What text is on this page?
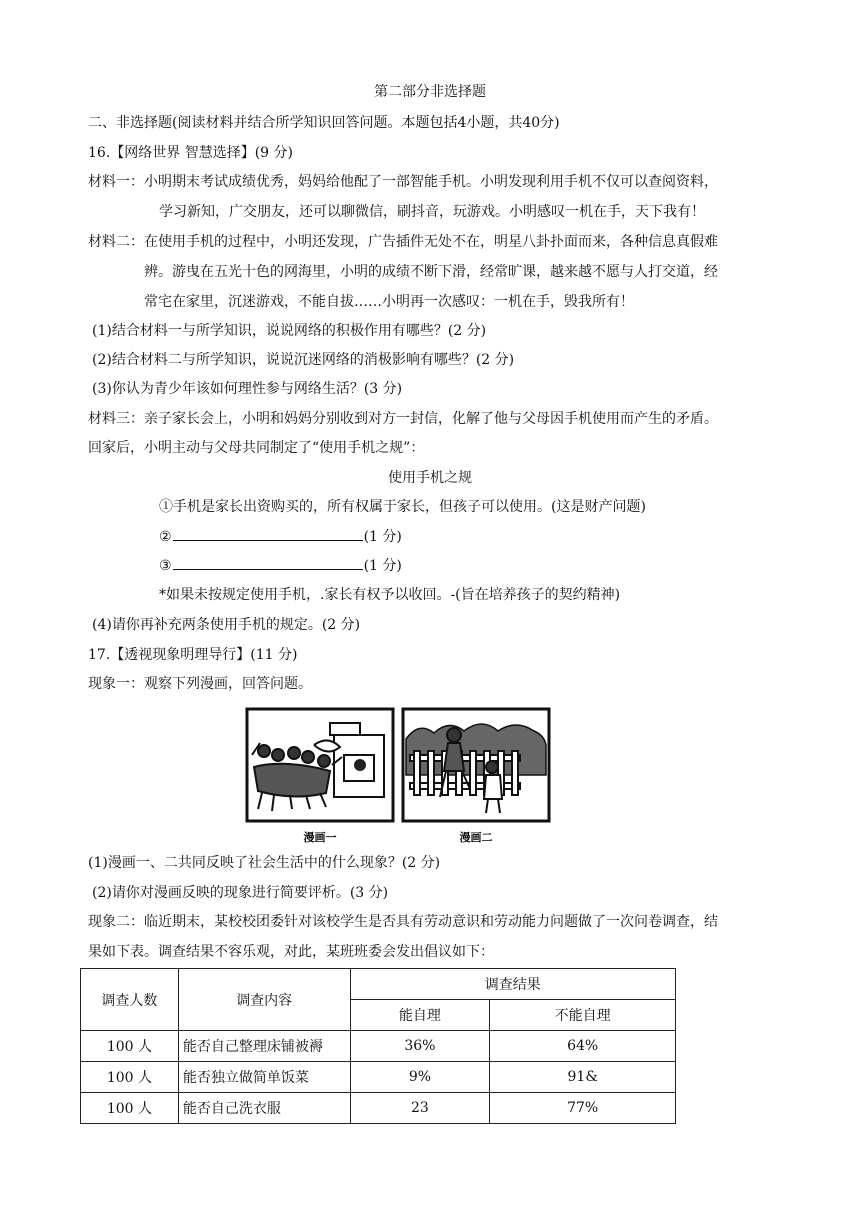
第二部分非选择题
二、非选择题(阅读材料并结合所学知识回答问题。本题包括4小题，共40分)
16.【网络世界 智慧选择】(9 分)
材料一：小明期末考试成绩优秀，妈妈给他配了一部智能手机。小明发现利用手机不仅可以查阅资料，
学习新知，广交朋友，还可以聊微信，刷抖音，玩游戏。小明感叹一机在手，天下我有！
材料二：在使用手机的过程中，小明还发现，广告插件无处不在，明星八卦扑面而来，各种信息真假难
辨。游曳在五光十色的网海里，小明的成绩不断下滑，经常旷课，越来越不愿与人打交道，经
常宅在家里，沉迷游戏，不能自拔……小明再一次感叹：一机在手，毁我所有！
(1)结合材料一与所学知识，说说网络的积极作用有哪些？(2 分)
(2)结合材料二与所学知识，说说沉迷网络的消极影响有哪些？(2 分)
(3)你认为青少年该如何理性参与网络生活？(3 分)
材料三：亲子家长会上，小明和妈妈分别收到对方一封信，化解了他与父母因手机使用而产生的矛盾。
回家后，小明主动与父母共同制定了“使用手机之规”：
使用手机之规
①手机是家长出资购买的，所有权属于家长，但孩子可以使用。(这是财产问题)
②	(1 分)
③	(1 分)
*如果未按规定使用手机，.家长有权予以收回。-(旨在培养孩子的契约精神)
(4)请你再补充两条使用手机的规定。(2 分)
17.【透视现象明理导行】(11 分)
现象一：观察下列漫画，回答问题。
漫画一	漫画二
(1)漫画一、二共同反映了社会生活中的什么现象？(2 分)
(2)请你对漫画反映的现象进行简要评析。(3 分)
现象二：临近期末，某校校团委针对该校学生是否具有劳动意识和劳动能力问题做了一次问卷调查，结
果如下表。调查结果不容乐观，对此，某班班委会发出倡议如下：
调查人数	调查内容	调查结果	
		能自理	不能自理
100 人	能否自己整理床铺被褥	36%	64%
100 人	能否独立做简单饭菜	9%	91&
100 人	能否自己洗衣服	23	77%
